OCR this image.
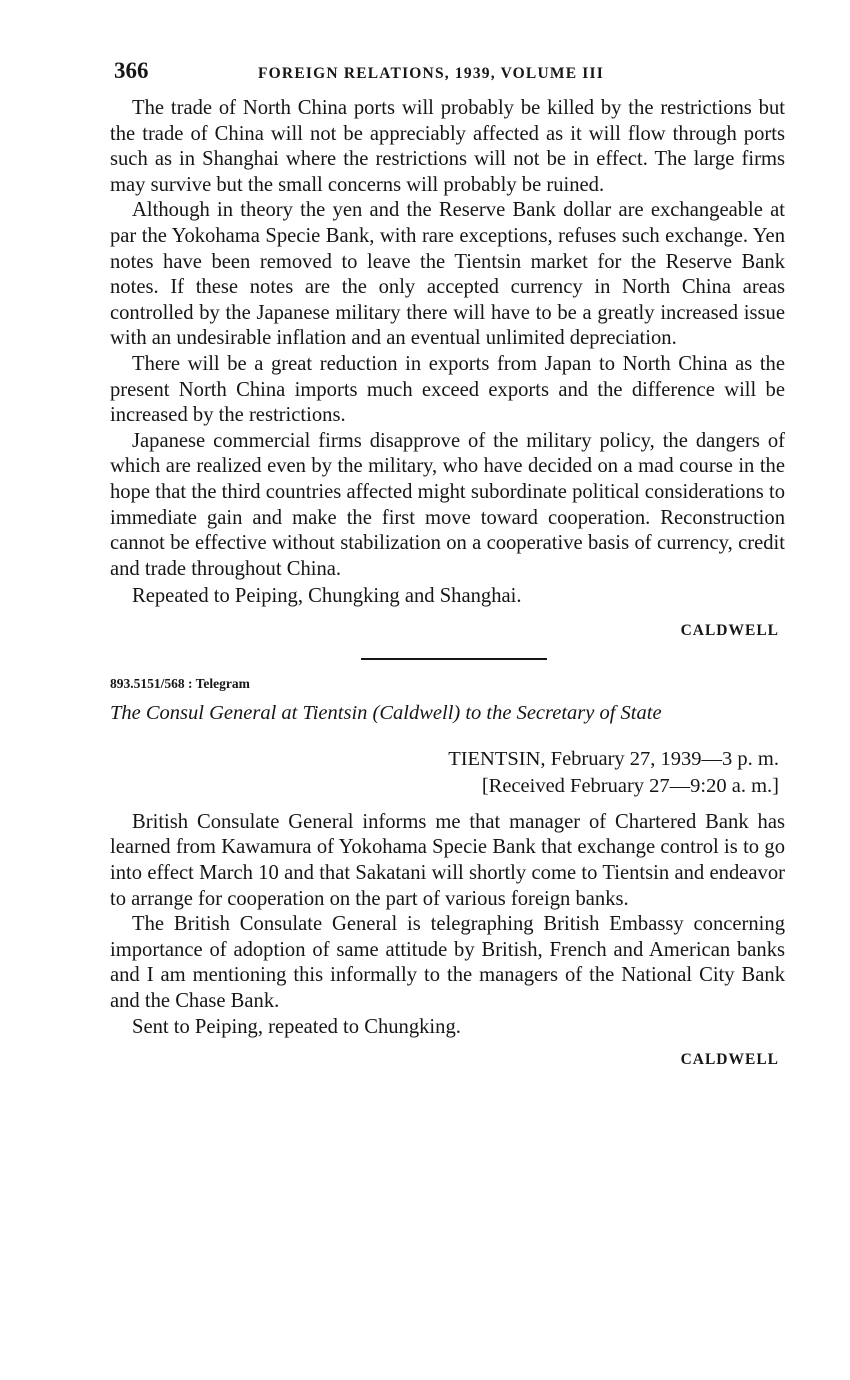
366	FOREIGN RELATIONS, 1939, VOLUME III

The trade of North China ports will probably be killed by the restrictions but the trade of China will not be appreciably affected as it will flow through ports such as in Shanghai where the restrictions will not be in effect. The large firms may survive but the small concerns will probably be ruined.

Although in theory the yen and the Reserve Bank dollar are exchangeable at par the Yokohama Specie Bank, with rare exceptions, refuses such exchange. Yen notes have been removed to leave the Tientsin market for the Reserve Bank notes. If these notes are the only accepted currency in North China areas controlled by the Japanese military there will have to be a greatly increased issue with an undesirable inflation and an eventual unlimited depreciation.

There will be a great reduction in exports from Japan to North China as the present North China imports much exceed exports and the difference will be increased by the restrictions.

Japanese commercial firms disapprove of the military policy, the dangers of which are realized even by the military, who have decided on a mad course in the hope that the third countries affected might subordinate political considerations to immediate gain and make the first move toward cooperation. Reconstruction cannot be effective without stabilization on a cooperative basis of currency, credit and trade throughout China.

Repeated to Peiping, Chungking and Shanghai.

CALDWELL
893.5151/568 : Telegram
The Consul General at Tientsin (Caldwell) to the Secretary of State
TIENTSIN, February 27, 1939—3 p. m.
[Received February 27—9:20 a. m.]

British Consulate General informs me that manager of Chartered Bank has learned from Kawamura of Yokohama Specie Bank that exchange control is to go into effect March 10 and that Sakatani will shortly come to Tientsin and endeavor to arrange for cooperation on the part of various foreign banks.

The British Consulate General is telegraphing British Embassy concerning importance of adoption of same attitude by British, French and American banks and I am mentioning this informally to the managers of the National City Bank and the Chase Bank.

Sent to Peiping, repeated to Chungking.

CALDWELL
